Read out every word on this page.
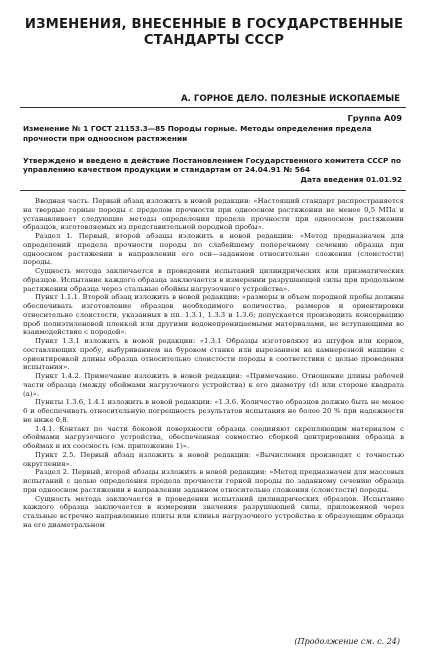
ИЗМЕНЕНИЯ, ВНЕСЕННЫЕ В ГОСУДАРСТВЕННЫЕ
СТАНДАРТЫ СССР
А. ГОРНОЕ ДЕЛО. ПОЛЕЗНЫЕ ИСКОПАЕМЫЕ
Группа А09
Изменение № 1 ГОСТ 21153.3—85 Породы горные. Методы определения предела прочности при одноосном растяжении
Утверждено и введено в действие Постановлением Государственного комитета СССР по управлению качеством продукции и стандартам от 24.04.91 № 564
Дата введения 01.01.92

Вводная часть. Первый абзац изложить в новой редакции: «Настоящий стандарт распространяется на твердые горные породы с пределом прочности при одноосном растяжении не менее 0,5 МПа и устанавливает следующие методы определения предела прочности при одноосном растяжении образцов, изготовляемых из представительной породной пробы».

Раздел 1. Первый, второй абзацы изложить в новой редакции: «Метод предназначен для определений предела прочности породы по слабейшему поперечному сечению образца при одноосном растяжении в направлении его оси—заданном относительно сложения (слоистости) породы.

Сущность метода заключается в проведении испытаний цилиндрических или призматических образцов. Испытание каждого образца заключается в измерении разрушающей силы при продольном растяжении образца через стальные обоймы нагрузочного устройства».

Пункт 1.1.1. Второй абзац изложить в новой редакции: «размеры и объем породной пробы должны обеспечивать изготовление образцов необходимого количества, размеров и ориентировки относительно слоистости, указанных в пп. 1.3.1, 1.3.3 и 1.3.6; допускается производить консервацию проб полиэтиленовой пленкой или другими водонепроницаемыми материалами, не вступающими во взаимодействие с породой».

Пункт 1.3.1 изложить в новой редакции: «1.3.1 Образцы изготовляют из штуфов или кернов, составляющих пробу, выбуриванием на буровом станке или вырезанием на камнерезной машине с ориентировкой длины образца относительно слоистости породы в соответствии с целью проведения испытания».

Пункт 1.4.2. Примечание изложить в новой редакции: «Примечание. Отношение длины рабочей части образца (между обоймами нагрузочного устройства) к его диаметру (d) или стороне квадрата (a)».

Пункты 1.3.6, 1.4.1 изложить в новой редакции: «1.3.6. Количество образцов должно быть не менее 6 и обеспечивать относительную погрешность результатов испытания не более 20 % при надежности не ниже 0,8.

1.4.1. Контакт по части боковой поверхности образца соединяют скрепляющим материалом с обоймами нагрузочного устройства, обеспеченная совместно сборкой центрирования образца в обоймах и их соосность (см. приложение 1)».

Пункт 2.5. Первый абзац изложить в новой редакции: «Вычисления производят с точностью округления».

Раздел 2. Первый, второй абзацы изложить в новой редакции: «Метод предназначен для массовых испытаний с целью определения предела прочности горной породы по заданному сечению образца при одноосном растяжении в направлении заданном относительно сложения (слоистости) породы.

Сущность метода заключается в проведении испытаний цилиндрических образцов. Испытание каждого образца заключается в измерении значения разрушающей силы, приложенной через стальные встречно направленные плиты или клинья нагрузочного устройства к образующим образца на его диаметральном

(Продолжение см. с. 24)
